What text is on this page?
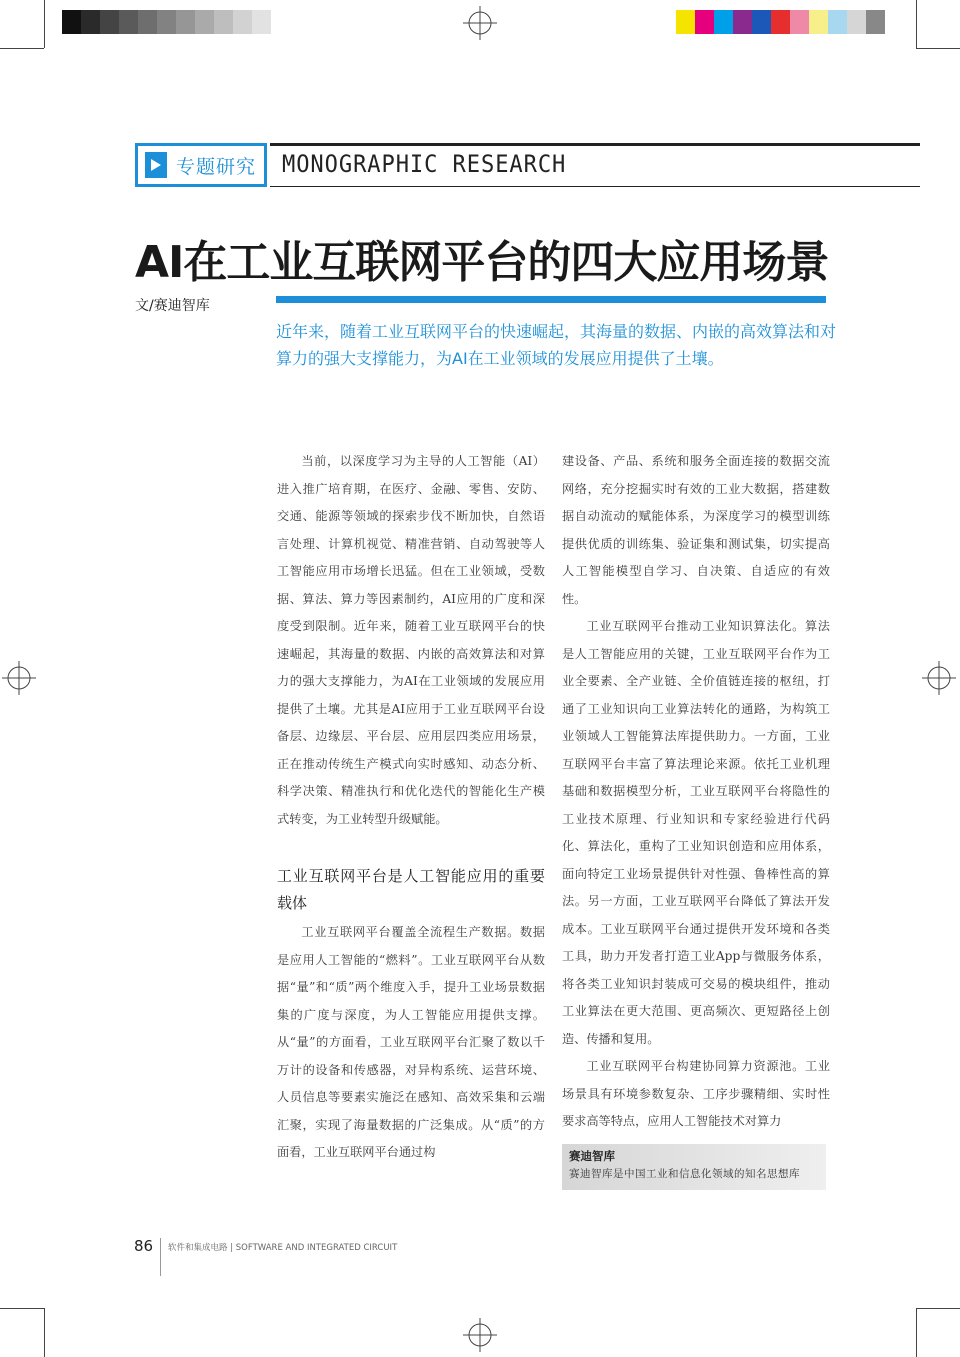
专题研究 MONOGRAPHIC RESEARCH
AI在工业互联网平台的四大应用场景
文/赛迪智库
近年来，随着工业互联网平台的快速崛起，其海量的数据、内嵌的高效算法和对算力的强大支撑能力，为AI在工业领域的发展应用提供了土壤。

当前，以深度学习为主导的人工智能（AI）进入推广培育期，在医疗、金融、零售、安防、交通、能源等领域的探索步伐不断加快，自然语言处理、计算机视觉、精准营销、自动驾驶等人工智能应用市场增长迅猛。但在工业领域，受数据、算法、算力等因素制约，AI应用的广度和深度受到限制。近年来，随着工业互联网平台的快速崛起，其海量的数据、内嵌的高效算法和对算力的强大支撑能力，为AI在工业领域的发展应用提供了土壤。尤其是AI应用于工业互联网平台设备层、边缘层、平台层、应用层四类应用场景，正在推动传统生产模式向实时感知、动态分析、科学决策、精准执行和优化迭代的智能化生产模式转变，为工业转型升级赋能。

工业互联网平台是人工智能应用的重要载体

工业互联网平台覆盖全流程生产数据。数据是应用人工智能的“燃料”。工业互联网平台从数据“量”和“质”两个维度入手，提升工业场景数据集的广度与深度，为人工智能应用提供支撑。从“量”的方面看，工业互联网平台汇聚了数以千万计的设备和传感器，对异构系统、运营环境、人员信息等要素实施泛在感知、高效采集和云端汇聚，实现了海量数据的广泛集成。从“质”的方面看，工业互联网平台通过构

建设备、产品、系统和服务全面连接的数据交流网络，充分挖掘实时有效的工业大数据，搭建数据自动流动的赋能体系，为深度学习的模型训练提供优质的训练集、验证集和测试集，切实提高人工智能模型自学习、自决策、自适应的有效性。

工业互联网平台推动工业知识算法化。算法是人工智能应用的关键，工业互联网平台作为工业全要素、全产业链、全价值链连接的枢纽，打通了工业知识向工业算法转化的通路，为构筑工业领域人工智能算法库提供助力。一方面，工业互联网平台丰富了算法理论来源。依托工业机理基础和数据模型分析，工业互联网平台将隐性的工业技术原理、行业知识和专家经验进行代码化、算法化，重构了工业知识创造和应用体系，面向特定工业场景提供针对性强、鲁棒性高的算法。另一方面，工业互联网平台降低了算法开发成本。工业互联网平台通过提供开发环境和各类工具，助力开发者打造工业App与微服务体系，将各类工业知识封装成可交易的模块组件，推动工业算法在更大范围、更高频次、更短路径上创造、传播和复用。

工业互联网平台构建协同算力资源池。工业场景具有环境参数复杂、工序步骤精细、实时性要求高等特点，应用人工智能技术对算力

赛迪智库
赛迪智库是中国工业和信息化领域的知名思想库
86 软件和集成电路 | SOFTWARE AND INTEGRATED CIRCUIT
